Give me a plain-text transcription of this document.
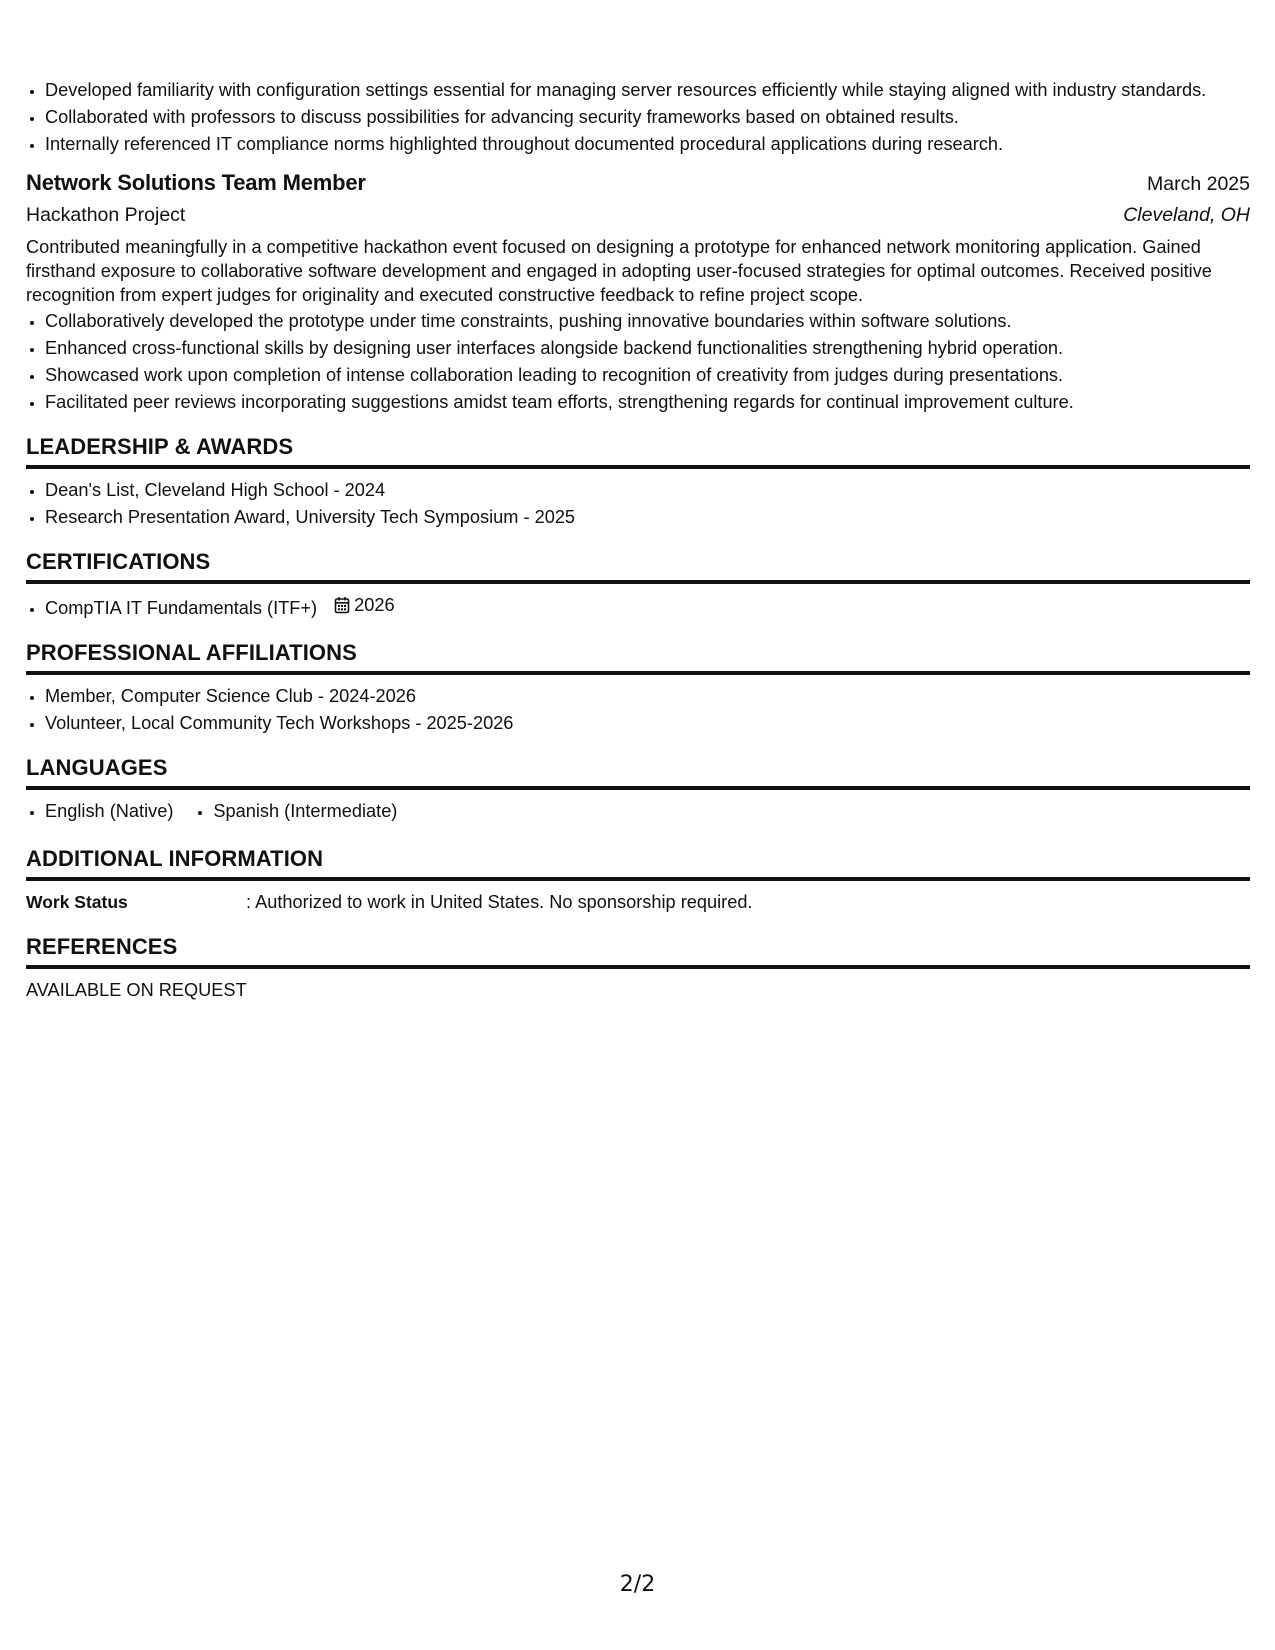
• Developed familiarity with configuration settings essential for managing server resources efficiently while staying aligned with industry standards.
• Collaborated with professors to discuss possibilities for advancing security frameworks based on obtained results.
• Internally referenced IT compliance norms highlighted throughout documented procedural applications during research.
Network Solutions Team Member	March 2025
Hackathon Project	Cleveland, OH
Contributed meaningfully in a competitive hackathon event focused on designing a prototype for enhanced network monitoring application. Gained firsthand exposure to collaborative software development and engaged in adopting user-focused strategies for optimal outcomes. Received positive recognition from expert judges for originality and executed constructive feedback to refine project scope.
• Collaboratively developed the prototype under time constraints, pushing innovative boundaries within software solutions.
• Enhanced cross-functional skills by designing user interfaces alongside backend functionalities strengthening hybrid operation.
• Showcased work upon completion of intense collaboration leading to recognition of creativity from judges during presentations.
• Facilitated peer reviews incorporating suggestions amidst team efforts, strengthening regards for continual improvement culture.
LEADERSHIP & AWARDS
• Dean's List, Cleveland High School - 2024
• Research Presentation Award, University Tech Symposium - 2025
CERTIFICATIONS
• CompTIA IT Fundamentals (ITF+) 2026
PROFESSIONAL AFFILIATIONS
• Member, Computer Science Club - 2024-2026
• Volunteer, Local Community Tech Workshops - 2025-2026
LANGUAGES
• English (Native)
• Spanish (Intermediate)
ADDITIONAL INFORMATION
Work Status	: Authorized to work in United States. No sponsorship required.
REFERENCES
AVAILABLE ON REQUEST
2/2
